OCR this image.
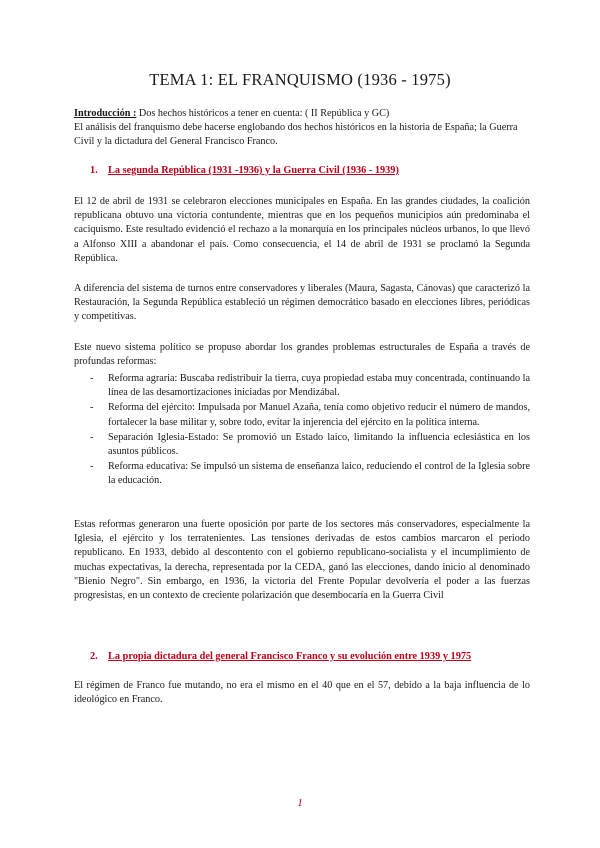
TEMA 1: EL FRANQUISMO (1936 - 1975)
Introducción : Dos hechos históricos a tener en cuenta: ( II República y GC)
El análisis del franquismo debe hacerse englobando dos hechos históricos en la historia de España; la Guerra Civil y la dictadura del General Francisco Franco.
1. La segunda República (1931 -1936) y la Guerra Civil (1936 - 1939)
El 12 de abril de 1931 se celebraron elecciones municipales en España. En las grandes ciudades, la coalición republicana obtuvo una victoria contundente, mientras que en los pequeños municipios aún predominaba el caciquismo. Este resultado evidenció el rechazo a la monarquía en los principales núcleos urbanos, lo que llevó a Alfonso XIII a abandonar el país. Como consecuencia, el 14 de abril de 1931 se proclamó la Segunda República.
A diferencia del sistema de turnos entre conservadores y liberales (Maura, Sagasta, Cánovas) que caracterizó la Restauración, la Segunda República estableció un régimen democrático basado en elecciones libres, periódicas y competitivas.
Este nuevo sistema político se propuso abordar los grandes problemas estructurales de España a través de profundas reformas:
- Reforma agraria: Buscaba redistribuir la tierra, cuya propiedad estaba muy concentrada, continuando la línea de las desamortizaciones iniciadas por Mendizábal.
- Reforma del ejército: Impulsada por Manuel Azaña, tenía como objetivo reducir el número de mandos, fortalecer la base militar y, sobre todo, evitar la injerencia del ejército en la política interna.
- Separación Iglesia-Estado: Se promovió un Estado laico, limitando la influencia eclesiástica en los asuntos públicos.
- Reforma educativa: Se impulsó un sistema de enseñanza laico, reduciendo el control de la Iglesia sobre la educación.
Estas reformas generaron una fuerte oposición por parte de los sectores más conservadores, especialmente la Iglesia, el ejército y los terratenientes. Las tensiones derivadas de estos cambios marcaron el periodo republicano. En 1933, debido al descontento con el gobierno republicano-socialista y el incumplimiento de muchas expectativas, la derecha, representada por la CEDA, ganó las elecciones, dando inicio al denominado "Bienio Negro". Sin embargo, en 1936, la victoria del Frente Popular devolvería el poder a las fuerzas progresistas, en un contexto de creciente polarización que desembocaría en la Guerra Civil
2. La propia dictadura del general Francisco Franco y su evolución entre 1939 y 1975
El régimen de Franco fue mutando, no era el mismo en el 40 que en el 57, debido a la baja influencia de lo ideológico en Franco.
1
